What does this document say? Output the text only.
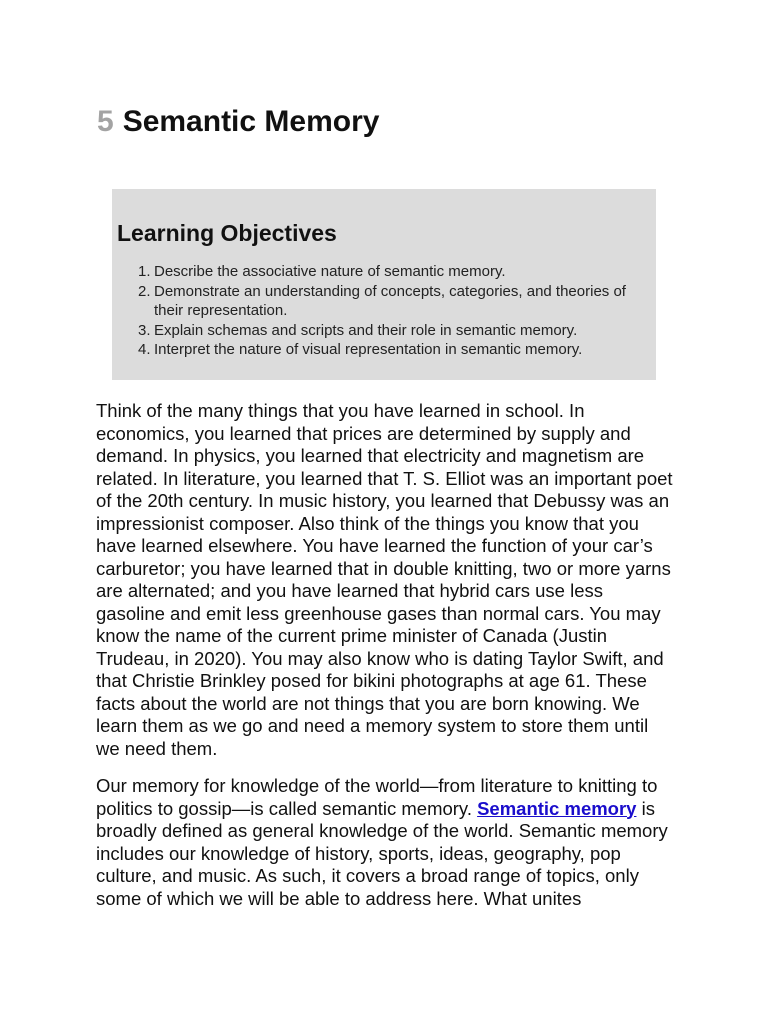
5 Semantic Memory
Learning Objectives
1. Describe the associative nature of semantic memory.
2. Demonstrate an understanding of concepts, categories, and theories of their representation.
3. Explain schemas and scripts and their role in semantic memory.
4. Interpret the nature of visual representation in semantic memory.

Think of the many things that you have learned in school. In economics, you learned that prices are determined by supply and demand. In physics, you learned that electricity and magnetism are related. In literature, you learned that T. S. Elliot was an important poet of the 20th century. In music history, you learned that Debussy was an impressionist composer. Also think of the things you know that you have learned elsewhere. You have learned the function of your car’s carburetor; you have learned that in double knitting, two or more yarns are alternated; and you have learned that hybrid cars use less gasoline and emit less greenhouse gases than normal cars. You may know the name of the current prime minister of Canada (Justin Trudeau, in 2020). You may also know who is dating Taylor Swift, and that Christie Brinkley posed for bikini photographs at age 61. These facts about the world are not things that you are born knowing. We learn them as we go and need a memory system to store them until we need them.

Our memory for knowledge of the world—from literature to knitting to politics to gossip—is called semantic memory. Semantic memory is broadly defined as general knowledge of the world. Semantic memory includes our knowledge of history, sports, ideas, geography, pop culture, and music. As such, it covers a broad range of topics, only some of which we will be able to address here. What unites
